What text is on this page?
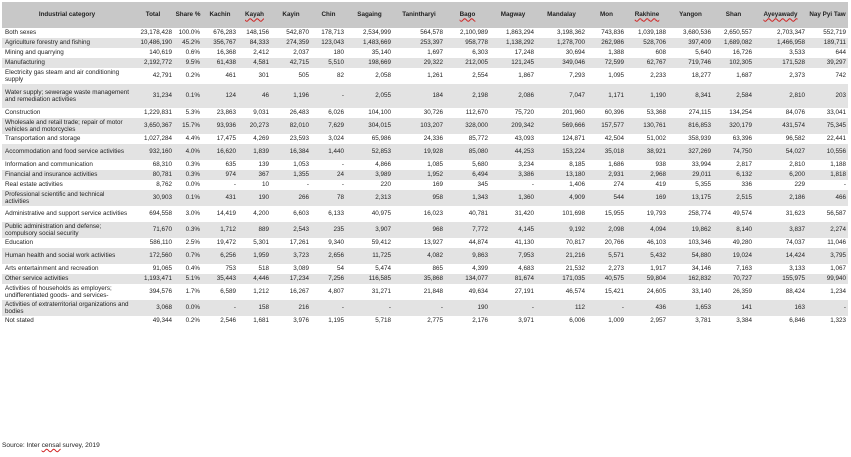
Industrial category	Total	Share %	Kachin	Kayah	Kayin	Chin	Sagaing	Tanintharyi	Bago	Magway	Mandalay	Mon	Rakhine	Yangon	Shan	Ayeyawady	Nay Pyi Taw
Both sexes	23,178,428	100.0%	676,283	148,156	542,870	178,713	2,534,999	564,578	2,100,989	1,863,294	3,198,362	743,836	1,039,188	3,680,536	2,650,557	2,703,347	552,719
Agriculture forestry and fishing	10,486,190	45.2%	356,767	84,333	274,359	123,043	1,483,669	253,397	958,778	1,138,292	1,278,700	262,986	528,706	397,409	1,689,082	1,466,958	189,711
Mining and quarrying	140,619	0.6%	16,368	2,412	2,037	180	35,140	1,697	6,303	17,248	30,694	1,388	608	5,640	16,726	3,533	644
Manufacturing	2,192,772	9.5%	61,438	4,581	42,715	5,510	198,669	29,322	212,005	121,245	349,046	72,599	62,767	719,746	102,305	171,528	39,297
Electricity gas steam and air conditioning supply	42,791	0.2%	461	301	505	82	2,058	1,261	2,554	1,867	7,293	1,095	2,233	18,277	1,687	2,373	742
Water supply; sewerage waste management and remediation activities	31,234	0.1%	124	46	1,196	-	2,055	184	2,198	2,086	7,047	1,171	1,190	8,341	2,584	2,810	203
Construction	1,229,831	5.3%	23,863	9,031	26,483	6,026	104,100	30,726	112,670	75,720	201,960	60,396	53,368	274,115	134,254	84,076	33,041
Wholesale and retail trade; repair of motor vehicles and motorcycles	3,650,367	15.7%	93,936	20,273	82,010	7,629	304,015	103,207	328,000	209,342	569,666	157,577	130,761	816,853	320,179	431,574	75,345
Transportation and storage	1,027,284	4.4%	17,475	4,269	23,593	3,024	65,986	24,336	85,772	43,093	124,871	42,504	51,002	358,939	63,396	96,582	22,441
Accommodation and food service activities	932,160	4.0%	16,620	1,839	16,384	1,440	52,853	19,928	85,080	44,253	153,224	35,018	38,921	327,269	74,750	54,027	10,556
Information and communication	68,310	0.3%	635	139	1,053	-	4,866	1,085	5,680	3,234	8,185	1,686	938	33,994	2,817	2,810	1,188
Financial and insurance activities	80,781	0.3%	974	367	1,355	24	3,989	1,952	6,494	3,386	13,180	2,931	2,968	29,011	6,132	6,200	1,818
Real estate activities	8,762	0.0%	-	10	-	-	220	169	345	-	1,406	274	419	5,355	336	229	-
Professional scientific and technical activities	30,903	0.1%	431	190	266	78	2,313	958	1,343	1,360	4,909	544	169	13,175	2,515	2,186	466
Administrative and support service activities	694,558	3.0%	14,419	4,200	6,603	6,133	40,975	16,023	40,781	31,420	101,698	15,955	19,793	258,774	49,574	31,623	56,587
Public administration and defense; compulsory social security	71,670	0.3%	1,712	889	2,543	235	3,907	968	7,772	4,145	9,192	2,098	4,094	19,862	8,140	3,837	2,274
Education	586,110	2.5%	19,472	5,301	17,261	9,340	59,412	13,927	44,874	41,130	70,817	20,766	46,103	103,346	49,280	74,037	11,046
Human health and social work activities	172,560	0.7%	6,256	1,959	3,723	2,656	11,725	4,082	9,863	7,953	21,216	5,571	5,432	54,880	19,024	14,424	3,795
Arts entertainment and recreation	91,065	0.4%	753	518	3,089	54	5,474	865	4,399	4,683	21,532	2,273	1,917	34,146	7,163	3,133	1,067
Other service activities	1,193,471	5.1%	35,443	4,446	17,234	7,256	116,585	35,868	134,077	81,674	171,035	40,575	59,804	162,832	70,727	155,975	99,940
Activities of households as employers; undifferentiated goods- and services-	394,576	1.7%	6,589	1,212	16,267	4,807	31,271	21,848	49,634	27,191	46,574	15,421	24,605	33,140	26,359	88,424	1,234
Activities of extraterritorial organizations and bodies	3,068	0.0%	-	158	216	-	-	-	190	-	112	-	436	1,653	141	163	-
Not stated	49,344	0.2%	2,546	1,681	3,976	1,195	5,718	2,775	2,176	3,971	6,006	1,009	2,957	3,781	3,384	6,846	1,323
Source: Inter censal survey, 2019
